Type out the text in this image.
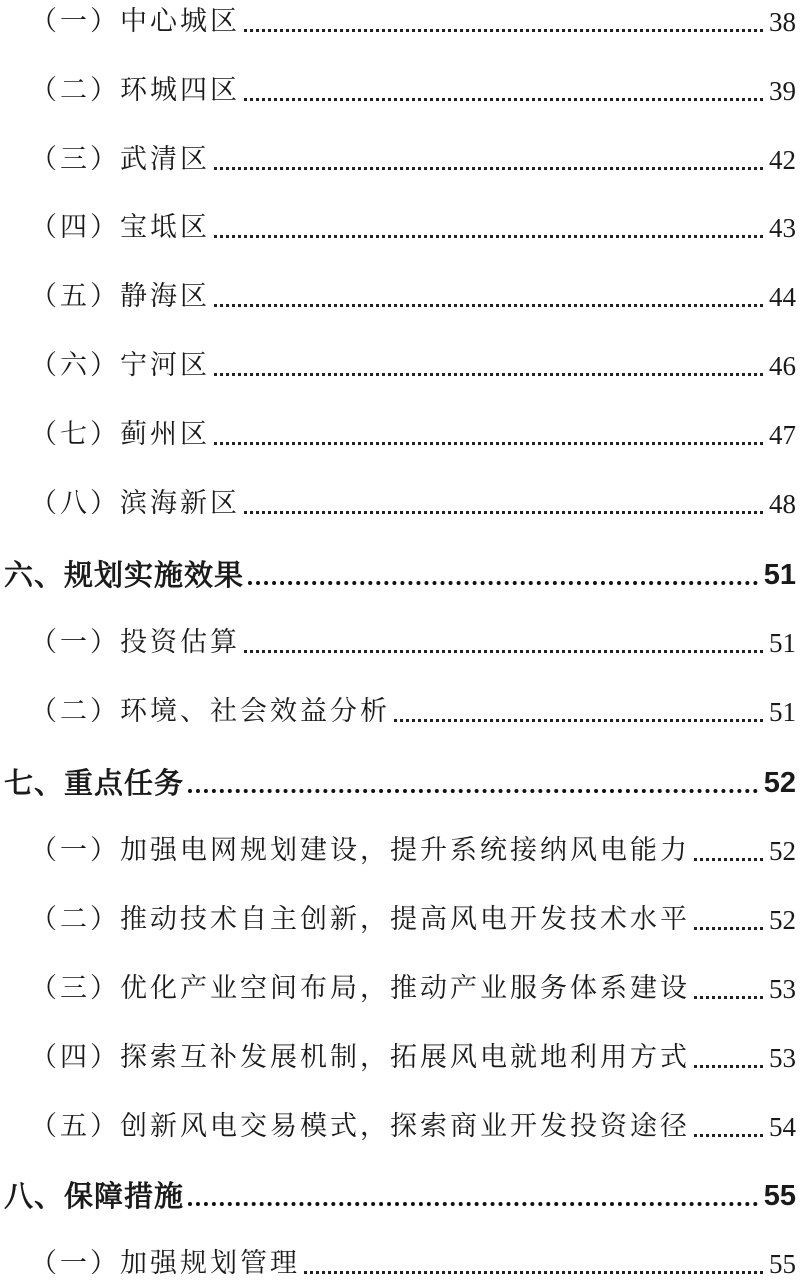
（一）中心城区	38
（二）环城四区	39
（三）武清区	42
（四）宝坻区	43
（五）静海区	44
（六）宁河区	46
（七）蓟州区	47
（八）滨海新区	48
六、规划实施效果	51
（一）投资估算	51
（二）环境、社会效益分析	51
七、重点任务	52
（一）加强电网规划建设，提升系统接纳风电能力	52
（二）推动技术自主创新，提高风电开发技术水平	52
（三）优化产业空间布局，推动产业服务体系建设	53
（四）探索互补发展机制，拓展风电就地利用方式	53
（五）创新风电交易模式，探索商业开发投资途径	54
八、保障措施	55
（一）加强规划管理	55
